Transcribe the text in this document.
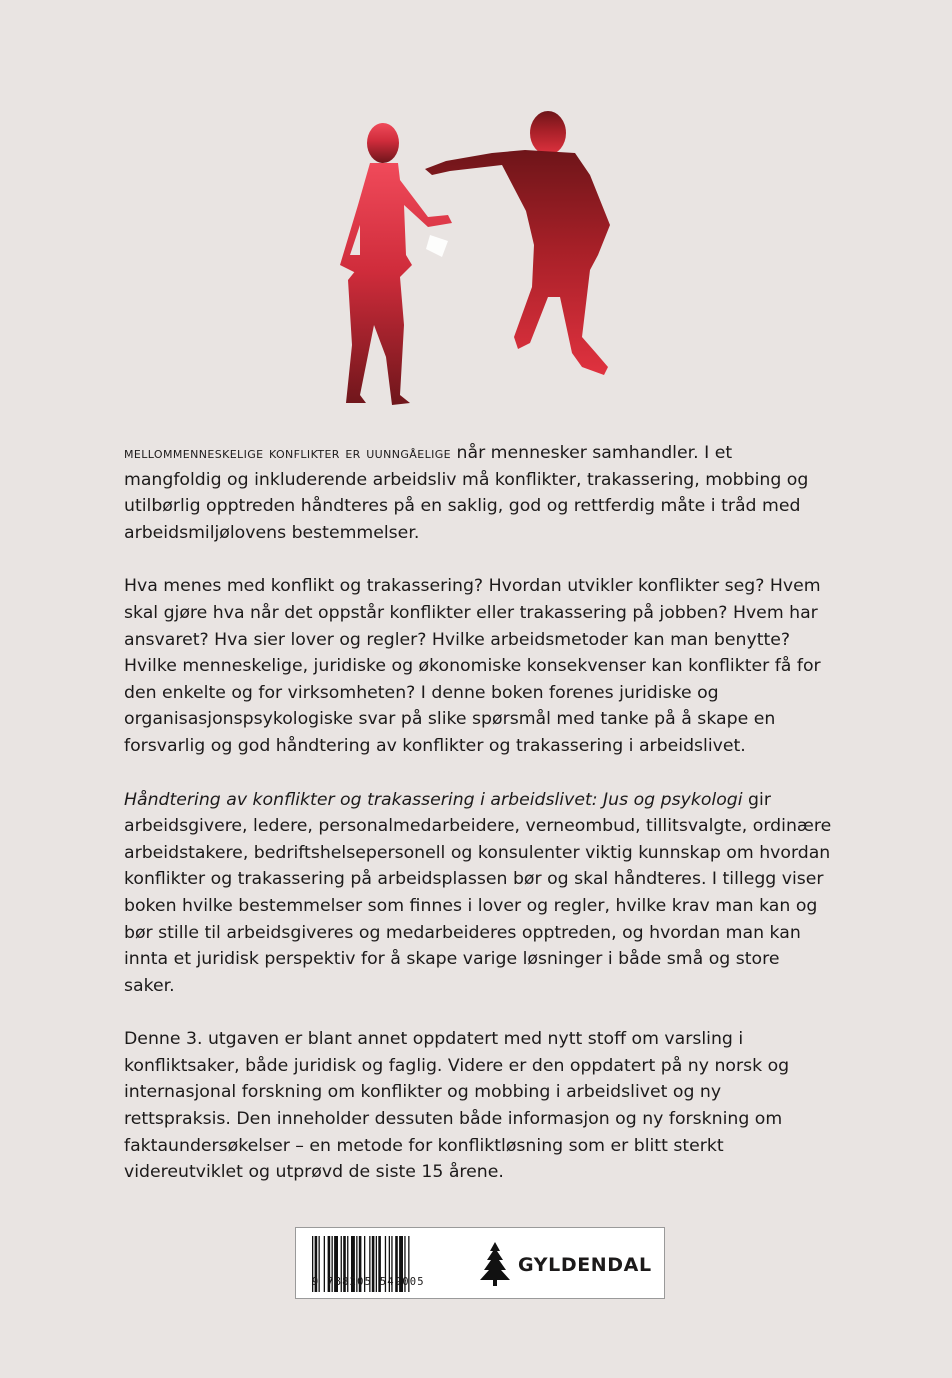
mellommenneskelige konflikter er uunngåelige når mennesker samhandler. I et mangfoldig og inkluderende arbeidsliv må konflikter, trakassering, mobbing og utilbørlig opptreden håndteres på en saklig, god og rettferdig måte i tråd med arbeidsmiljølovens bestemmelser.

Hva menes med konflikt og trakassering? Hvordan utvikler konflikter seg? Hvem skal gjøre hva når det oppstår konflikter eller trakassering på jobben? Hvem har ansvaret? Hva sier lover og regler? Hvilke arbeidsmetoder kan man benytte? Hvilke menneskelige, juridiske og økonomiske konsekvenser kan konflikter få for den enkelte og for virksomheten? I denne boken forenes juridiske og organisasjonspsykologiske svar på slike spørsmål med tanke på å skape en forsvarlig og god håndtering av konflikter og trakassering i arbeidslivet.

Håndtering av konflikter og trakassering i arbeidslivet: Jus og psykologi gir arbeidsgivere, ledere, personalmedarbeidere, verneombud, tillitsvalgte, ordinære arbeidstakere, bedriftshelsepersonell og konsulenter viktig kunnskap om hvordan konflikter og trakassering på arbeidsplassen bør og skal håndteres. I tillegg viser boken hvilke bestemmelser som finnes i lover og regler, hvilke krav man kan og bør stille til arbeidsgiveres og medarbeideres opptreden, og hvordan man kan innta et juridisk perspektiv for å skape varige løsninger i både små og store saker.

Denne 3. utgaven er blant annet oppdatert med nytt stoff om varsling i konfliktsaker, både juridisk og faglig. Videre er den oppdatert på ny norsk og internasjonal forskning om konflikter og mobbing i arbeidslivet og ny rettspraksis. Den inneholder dessuten både informasjon og ny forskning om faktaundersøkelser – en metode for konfliktløsning som er blitt sterkt videreutviklet og utprøvd de siste 15 årene.

9 788205 549005
GYLDENDAL
